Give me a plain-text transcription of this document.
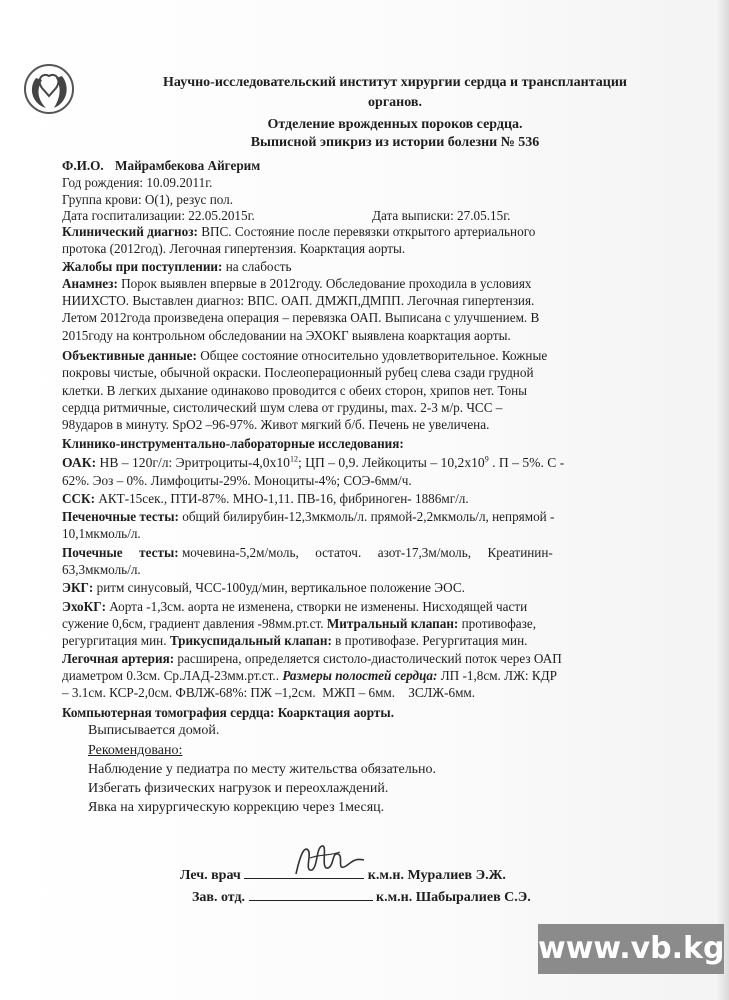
Научно-исследовательский институт хирургии сердца и трансплантации
органов.
Отделение врожденных пороков сердца.
Выписной эпикриз из истории болезни № 536
Ф.И.О. Майрамбекова Айгерим
Год рождения: 10.09.2011г.
Группа крови: О(1), резус пол.
Дата госпитализации: 22.05.2015г.	Дата выписки: 27.05.15г.
Клинический диагноз: ВПС. Состояние после перевязки открытого артериального
протока (2012год). Легочная гипертензия. Коарктация аорты.
Жалобы при поступлении: на слабость
Анамнез: Порок выявлен впервые в 2012году. Обследование проходила в условиях
НИИХСТО. Выставлен диагноз: ВПС. ОАП. ДМЖП,ДМПП. Легочная гипертензия.
Летом 2012года произведена операция – перевязка ОАП. Выписана с улучшением. В
2015году на контрольном обследовании на ЭХОКГ выявлена коарктация аорты.
Объективные данные: Общее состояние относительно удовлетворительное. Кожные
покровы чистые, обычной окраски. Послеоперационный рубец слева сзади грудной
клетки. В легких дыхание одинаково проводится с обеих сторон, хрипов нет. Тоны
сердца ритмичные, систолический шум слева от грудины, max. 2-3 м/р. ЧСС –
98ударов в минуту. SpO2 –96-97%. Живот мягкий б/б. Печень не увеличена.
Клинико-инструментально-лабораторные исследования:
ОАК: НВ – 120г/л: Эритроциты-$4,0х10^{12}$; ЦП – 0,9. Лейкоциты – $10,2х10^9$ . П – 5%. С -
62%. Эоз – 0%. Лимфоциты-29%. Моноциты-4%; СОЭ-6мм/ч.
ССК: АКТ-15сек., ПТИ-87%. МНО-1,11. ПВ-16, фибриноген- 1886мг/л.
Печеночные тесты: общий билирубин-12,3мкмоль/л. прямой-2,2мкмоль/л, непрямой -
10,1мкмоль/л.
Почечные     тесты: мочевина-5,2м/моль,     остаточ.     азот-17,3м/моль,     Креатинин-
63,3мкмоль/л.
ЭКГ: ритм синусовый, ЧСС-100уд/мин, вертикальное положение ЭОС.
ЭхоКГ: Аорта -1,3см. аорта не изменена, створки не изменены. Нисходящей части
сужение 0,6см, градиент давления -98мм.рт.ст. Митральный клапан: противофазе,
регургитация мин. Трикуспидальный клапан: в противофазе. Регургитация мин.
Легочная артерия: расширена, определяется систоло-диастолический поток через ОАП
диаметром 0.3см. Ср.ЛАД-23мм.рт.ст.. Размеры полостей сердца: ЛП -1,8см. ЛЖ: КДР
– 3.1см. КСР-2,0см. ФВЛЖ-68%: ПЖ –1,2см.  МЖП – 6мм.    ЗСЛЖ-6мм.
Компьютерная томография сердца: Коарктация аорты.
Выписывается домой.
Рекомендовано:
Наблюдение у педиатра по месту жительства обязательно.
Избегать физических нагрузок и переохлаждений.
Явка на хирургическую коррекцию через 1месяц.
Леч. врач	к.м.н. Муралиев Э.Ж.
Зав. отд.	к.м.н. Шабыралиев С.Э.
www.vb.kg
